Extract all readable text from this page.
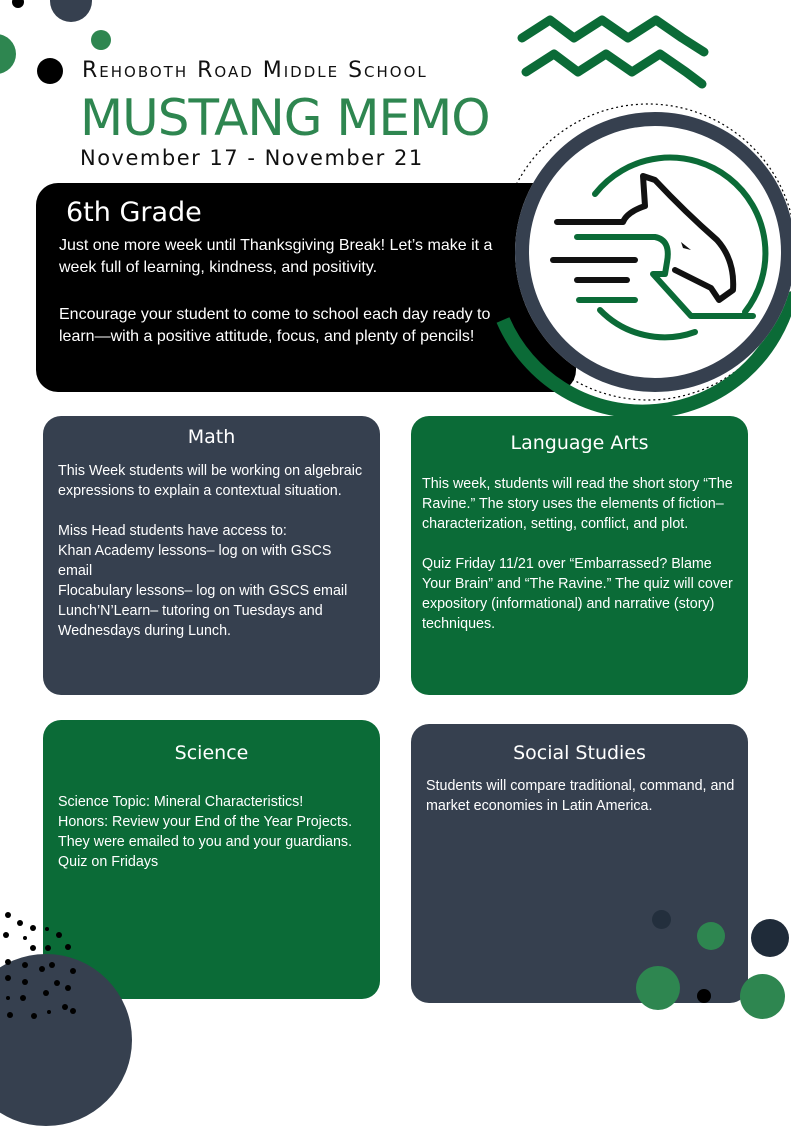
Rehoboth Road Middle School
MUSTANG MEMO
November 17 - November 21
6th Grade
Just one more week until Thanksgiving Break! Let’s make it a week full of learning, kindness, and positivity.
Encourage your student to come to school each day ready to learn—with a positive attitude, focus, and plenty of pencils!
Math

This Week students will be working on algebraic expressions to explain a contextual situation.

Miss Head students have access to:
Khan Academy lessons– log on with GSCS email
Flocabulary lessons– log on with GSCS email
Lunch’N’Learn– tutoring on Tuesdays and Wednesdays during Lunch.
Language Arts

This week, students will read the short story “The Ravine.” The story uses the elements of fiction– characterization, setting, conflict, and plot.

Quiz Friday 11/21 over “Embarrassed? Blame Your Brain” and “The Ravine.” The quiz will cover expository (informational) and narrative (story) techniques.

Science
Science Topic: Mineral Characteristics!
Honors: Review your End of the Year Projects. They were emailed to you and your guardians.
Quiz on Fridays
Social Studies

Students will compare traditional, command, and market economies in Latin America.
